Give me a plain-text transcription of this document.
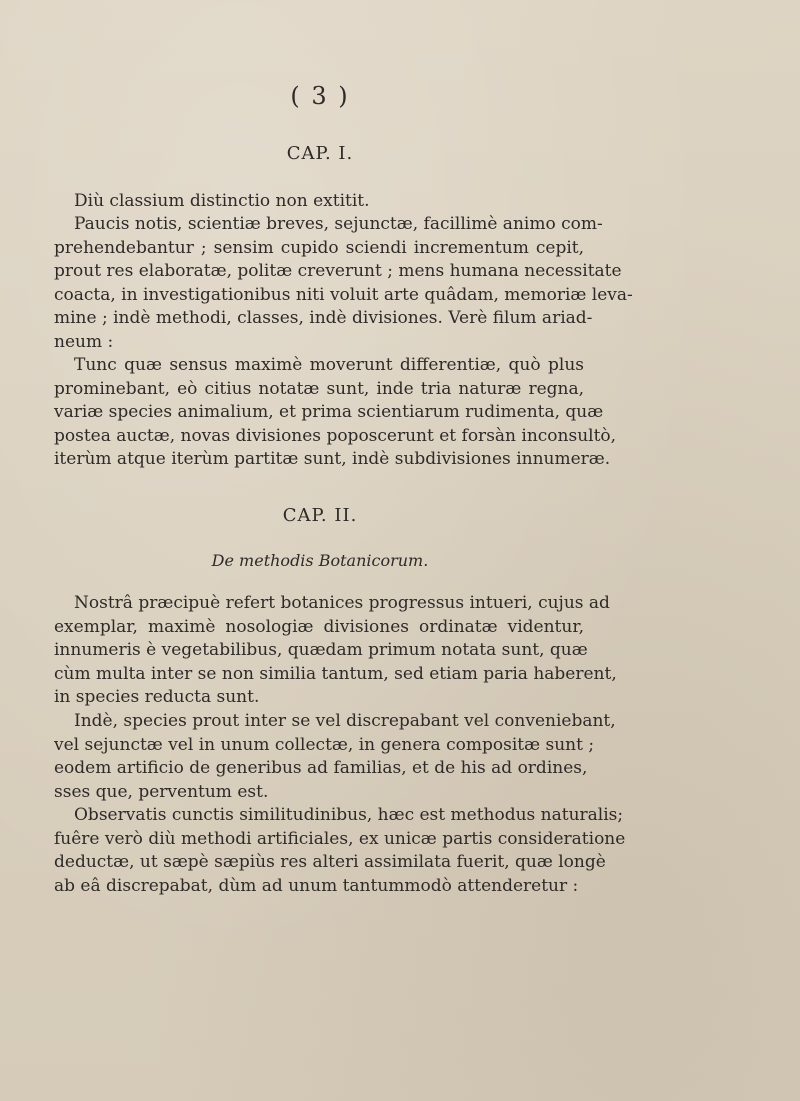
( 3 )
CAP. I.
Diù classium distinctio non extitit.
Paucis notis, scientiæ breves, sejunctæ, facillimè animo com-
prehendebantur ; sensim cupido sciendi incrementum cepit,
prout res elaboratæ, politæ creverunt ; mens humana necessitate
coacta, in investigationibus niti voluit arte quâdam, memoriæ leva-
mine ; indè methodi, classes, indè divisiones. Verè filum ariad-
neum :
Tunc quæ sensus maximè moverunt differentiæ, quò plus
prominebant, eò citius notatæ sunt, inde tria naturæ regna,
variæ species animalium, et prima scientiarum rudimenta, quæ
postea auctæ, novas divisiones poposcerunt et forsàn inconsultò,
iterùm atque iterùm partitæ sunt, indè subdivisiones innumeræ.
CAP. II.
De methodis Botanicorum.
Nostrâ præcipuè refert botanices progressus intueri, cujus ad
exemplar, maximè nosologiæ divisiones ordinatæ videntur,
innumeris è vegetabilibus, quædam primum notata sunt, quæ
cùm multa inter se non similia tantum, sed etiam paria haberent,
in species reducta sunt.
Indè, species prout inter se vel discrepabant vel conveniebant,
vel sejunctæ vel in unum collectæ, in genera compositæ sunt ;
eodem artificio de generibus ad familias, et de his ad ordines,
sses que, perventum est.
Observatis cunctis similitudinibus, hæc est methodus naturalis;
fuêre verò diù methodi artificiales, ex unicæ partis consideratione
deductæ, ut sæpè sæpiùs res alteri assimilata fuerit, quæ longè
ab eâ discrepabat, dùm ad unum tantummodò attenderetur :
